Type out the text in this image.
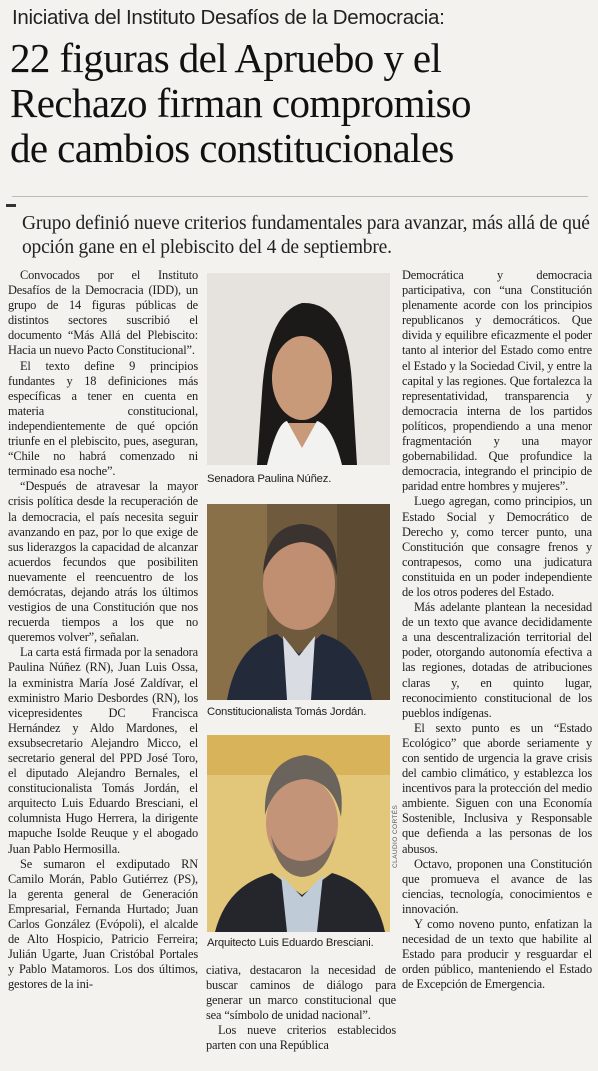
Iniciativa del Instituto Desafíos de la Democracia:
22 figuras del Apruebo y el
Rechazo firman compromiso
de cambios constitucionales
Grupo definió nueve criterios fundamentales para avanzar, más allá de qué opción gane en el plebiscito del 4 de septiembre.

Convocados por el Instituto Desafíos de la Democracia (IDD), un grupo de 14 figuras públicas de distintos sectores suscribió el documento “Más Allá del Plebiscito: Hacia un nuevo Pacto Constitucional”.

El texto define 9 principios fundantes y 18 definiciones más específicas a tener en cuenta en materia constitucional, independientemente de qué opción triunfe en el plebiscito, pues, aseguran, “Chile no habrá comenzado ni terminado esa noche”.

“Después de atravesar la mayor crisis política desde la recuperación de la democracia, el país necesita seguir avanzando en paz, por lo que exige de sus liderazgos la capacidad de alcanzar acuerdos fecundos que posibiliten nuevamente el reencuentro de los demócratas, dejando atrás los últimos vestigios de una Constitución que nos recuerda tiempos a los que no queremos volver”, señalan.

La carta está firmada por la senadora Paulina Núñez (RN), Juan Luis Ossa, la exministra María José Zaldívar, el exministro Mario Desbordes (RN), los vicepresidentes DC Francisca Hernández y Aldo Mardones, el exsubsecretario Alejandro Micco, el secretario general del PPD José Toro, el diputado Alejandro Bernales, el constitucionalista Tomás Jordán, el arquitecto Luis Eduardo Bresciani, el columnista Hugo Herrera, la dirigente mapuche Isolde Reuque y el abogado Juan Pablo Hermosilla.

Se sumaron el exdiputado RN Camilo Morán, Pablo Gutiérrez (PS), la gerenta general de Generación Empresarial, Fernanda Hurtado; Juan Carlos González (Evópoli), el alcalde de Alto Hospicio, Patricio Ferreira; Julián Ugarte, Juan Cristóbal Portales y Pablo Matamoros. Los dos últimos, gestores de la ini-

Senadora Paulina Núñez.
Constitucionalista Tomás Jordán.
Arquitecto Luis Eduardo Bresciani.
CLAUDIO CORTÉS

ciativa, destacaron la necesidad de buscar caminos de diálogo para generar un marco constitucional que sea “símbolo de unidad nacional”.

Los nueve criterios establecidos parten con una República

Democrática y democracia participativa, con “una Constitución plenamente acorde con los principios republicanos y democráticos. Que divida y equilibre eficazmente el poder tanto al interior del Estado como entre el Estado y la Sociedad Civil, y entre la capital y las regiones. Que fortalezca la representatividad, transparencia y democracia interna de los partidos políticos, propendiendo a una menor fragmentación y una mayor gobernabilidad. Que profundice la democracia, integrando el principio de paridad entre hombres y mujeres”.

Luego agregan, como principios, un Estado Social y Democrático de Derecho y, como tercer punto, una Constitución que consagre frenos y contrapesos, como una judicatura constituida en un poder independiente de los otros poderes del Estado.

Más adelante plantean la necesidad de un texto que avance decididamente a una descentralización territorial del poder, otorgando autonomía efectiva a las regiones, dotadas de atribuciones claras y, en quinto lugar, reconocimiento constitucional de los pueblos indígenas.

El sexto punto es un “Estado Ecológico” que aborde seriamente y con sentido de urgencia la grave crisis del cambio climático, y establezca los incentivos para la protección del medio ambiente. Siguen con una Economía Sostenible, Inclusiva y Responsable que defienda a las personas de los abusos.

Octavo, proponen una Constitución que promueva el avance de las ciencias, tecnología, conocimientos e innovación.

Y como noveno punto, enfatizan la necesidad de un texto que habilite al Estado para producir y resguardar el orden público, manteniendo el Estado de Excepción de Emergencia.
